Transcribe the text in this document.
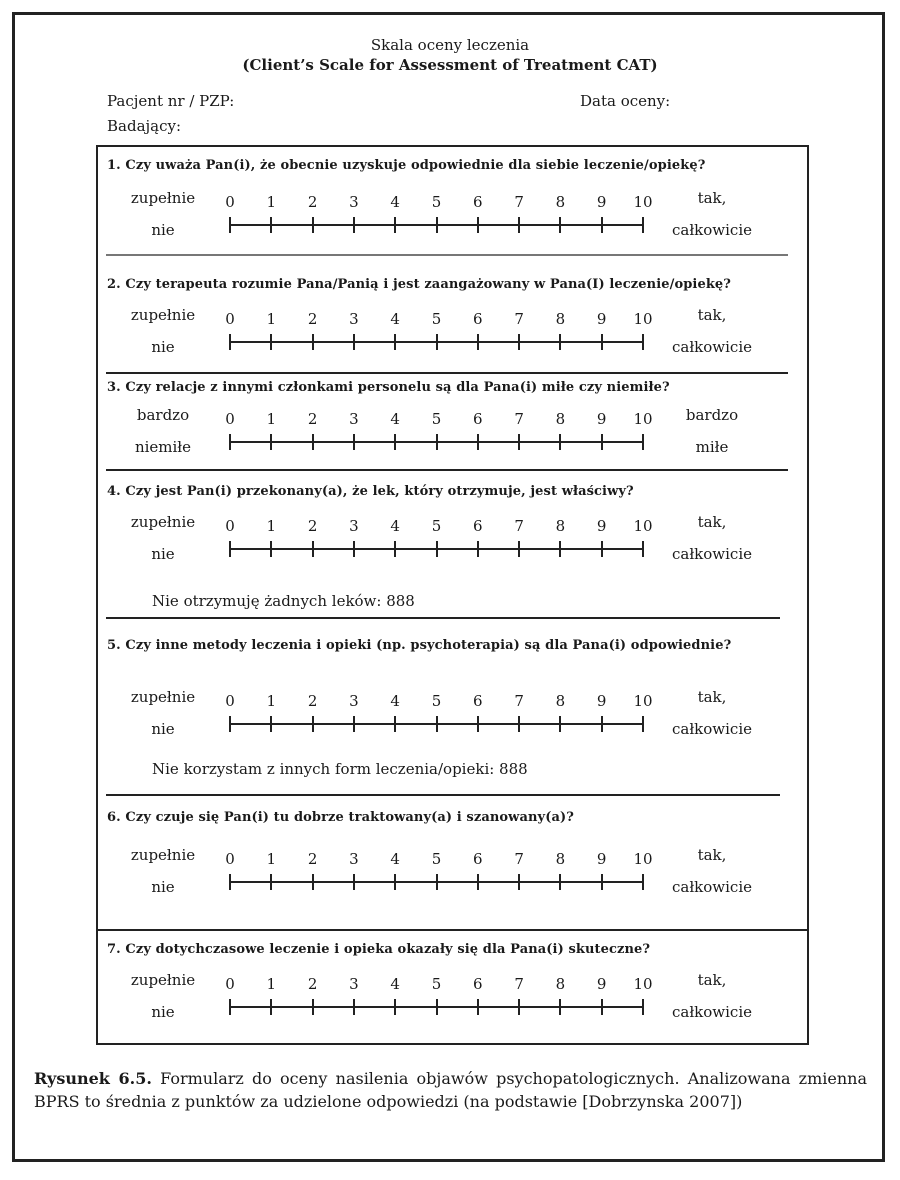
Skala oceny leczenia
(Client’s Scale for Assessment of Treatment CAT)
Pacjent nr / PZP:	Data oceny:
Badający:
1. Czy uważa Pan(i), że obecnie uzyskuje odpowiednie dla siebie leczenie/opiekę?
zupełnie
nie
tak,
całkowicie
0	1	2	3	4	5	6	7	8	9	10
2. Czy terapeuta rozumie Pana/Panią i jest zaangażowany w Pana(I) leczenie/opiekę?
zupełnie
nie
tak,
całkowicie
0	1	2	3	4	5	6	7	8	9	10
3. Czy relacje z innymi członkami personelu są dla Pana(i) miłe czy niemiłe?
bardzo
niemiłe
bardzo
miłe
0	1	2	3	4	5	6	7	8	9	10
4. Czy jest Pan(i) przekonany(a), że lek, który otrzymuje, jest właściwy?
zupełnie
nie
tak,
całkowicie
0	1	2	3	4	5	6	7	8	9	10
Nie otrzymuję żadnych leków: 888
5. Czy inne metody leczenia i opieki (np. psychoterapia) są dla Pana(i) odpowiednie?
zupełnie
nie
tak,
całkowicie
0	1	2	3	4	5	6	7	8	9	10
Nie korzystam z innych form leczenia/opieki: 888
6. Czy czuje się Pan(i) tu dobrze traktowany(a) i szanowany(a)?
zupełnie
nie
tak,
całkowicie
0	1	2	3	4	5	6	7	8	9	10
7. Czy dotychczasowe leczenie i opieka okazały się dla Pana(i) skuteczne?
zupełnie
nie
tak,
całkowicie
0	1	2	3	4	5	6	7	8	9	10
Rysunek 6.5. Formularz do oceny nasilenia objawów psychopatologicznych. Analizowana zmienna BPRS to średnia z punktów za udzielone odpowiedzi (na podstawie [Dobrzynska 2007])
